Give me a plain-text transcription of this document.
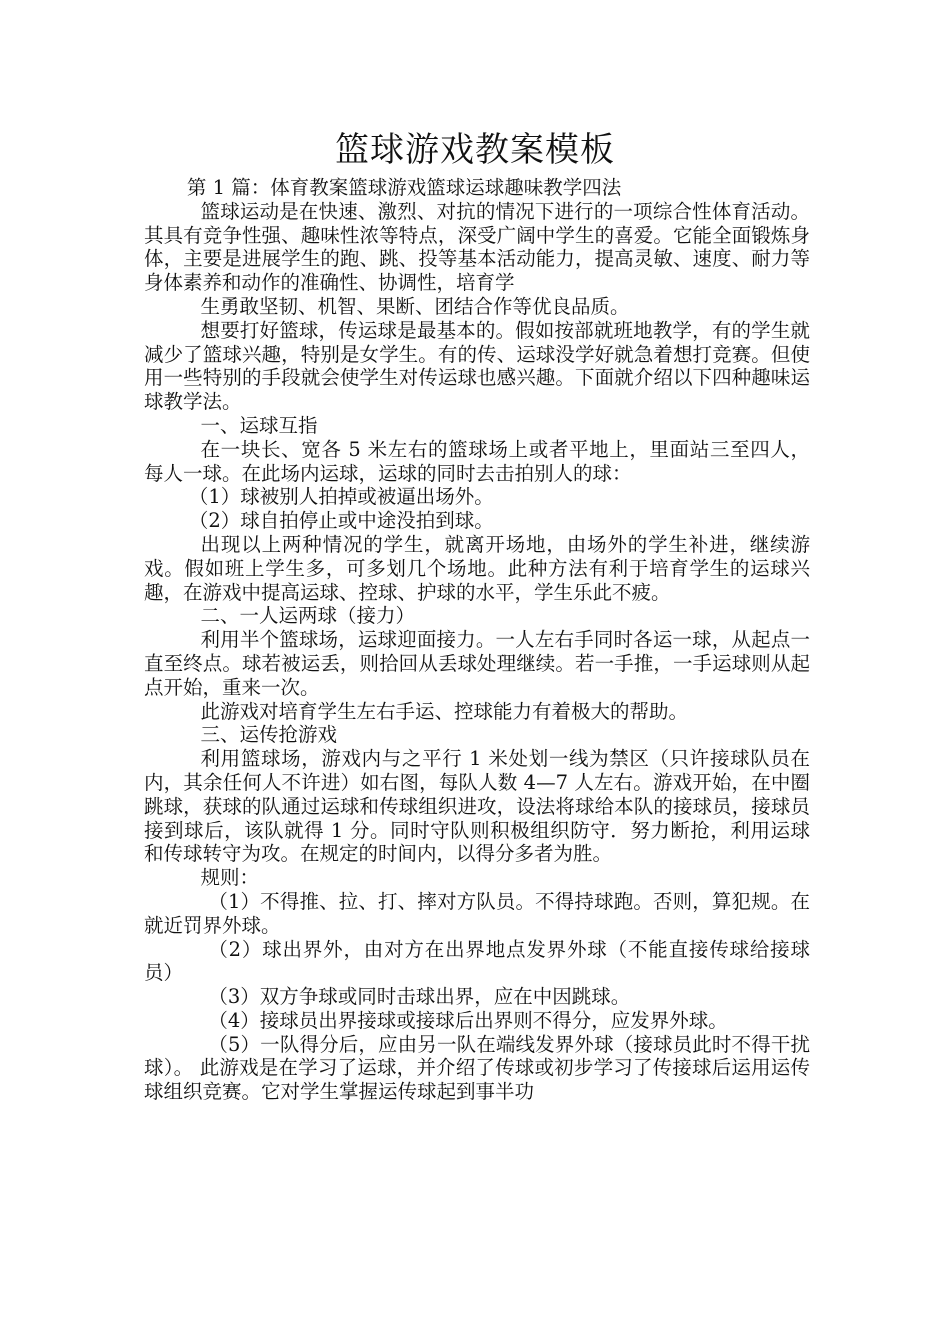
篮球游戏教案模板

第 1 篇：体育教案篮球游戏篮球运球趣味教学四法

篮球运动是在快速、激烈、对抗的情况下进行的一项综合性体育活动。其具有竞争性强、趣味性浓等特点，深受广阔中学生的喜爱。它能全面锻炼身体，主要是进展学生的跑、跳、投等基本活动能力，提高灵敏、速度、耐力等身体素养和动作的准确性、协调性，培育学

生勇敢坚韧、机智、果断、团结合作等优良品质。

想要打好篮球，传运球是最基本的。假如按部就班地教学，有的学生就减少了篮球兴趣，特别是女学生。有的传、运球没学好就急着想打竞赛。但使用一些特别的手段就会使学生对传运球也感兴趣。下面就介绍以下四种趣味运球教学法。

一、运球互指

在一块长、宽各 5 米左右的篮球场上或者平地上，里面站三至四人，每人一球。在此场内运球，运球的同时去击拍别人的球：

（1）球被别人拍掉或被逼出场外。

（2）球自拍停止或中途没拍到球。

出现以上两种情况的学生，就离开场地，由场外的学生补进，继续游戏。假如班上学生多，可多划几个场地。此种方法有利于培育学生的运球兴趣，在游戏中提高运球、控球、护球的水平，学生乐此不疲。

二、一人运两球（接力）

利用半个篮球场，运球迎面接力。一人左右手同时各运一球，从起点一直至终点。球若被运丢，则拾回从丢球处理继续。若一手推，一手运球则从起点开始，重来一次。

此游戏对培育学生左右手运、控球能力有着极大的帮助。

三、运传抢游戏

利用篮球场，游戏内与之平行 1 米处划一线为禁区（只许接球队员在内，其余任何人不许进）如右图，每队人数 4—7 人左右。游戏开始，在中圈跳球，获球的队通过运球和传球组织进攻，设法将球给本队的接球员，接球员接到球后，该队就得 1 分。同时守队则积极组织防守．努力断抢，利用运球和传球转守为攻。在规定的时间内，以得分多者为胜。

规则：

（1）不得推、拉、打、摔对方队员。不得持球跑。否则，算犯规。在就近罚界外球。

（2）球出界外，由对方在出界地点发界外球（不能直接传球给接球员）

（3）双方争球或同时击球出界，应在中因跳球。

（4）接球员出界接球或接球后出界则不得分，应发界外球。

（5）一队得分后，应由另一队在端线发界外球（接球员此时不得干扰球）。 此游戏是在学习了运球，并介绍了传球或初步学习了传接球后运用运传球组织竞赛。它对学生掌握运传球起到事半功
